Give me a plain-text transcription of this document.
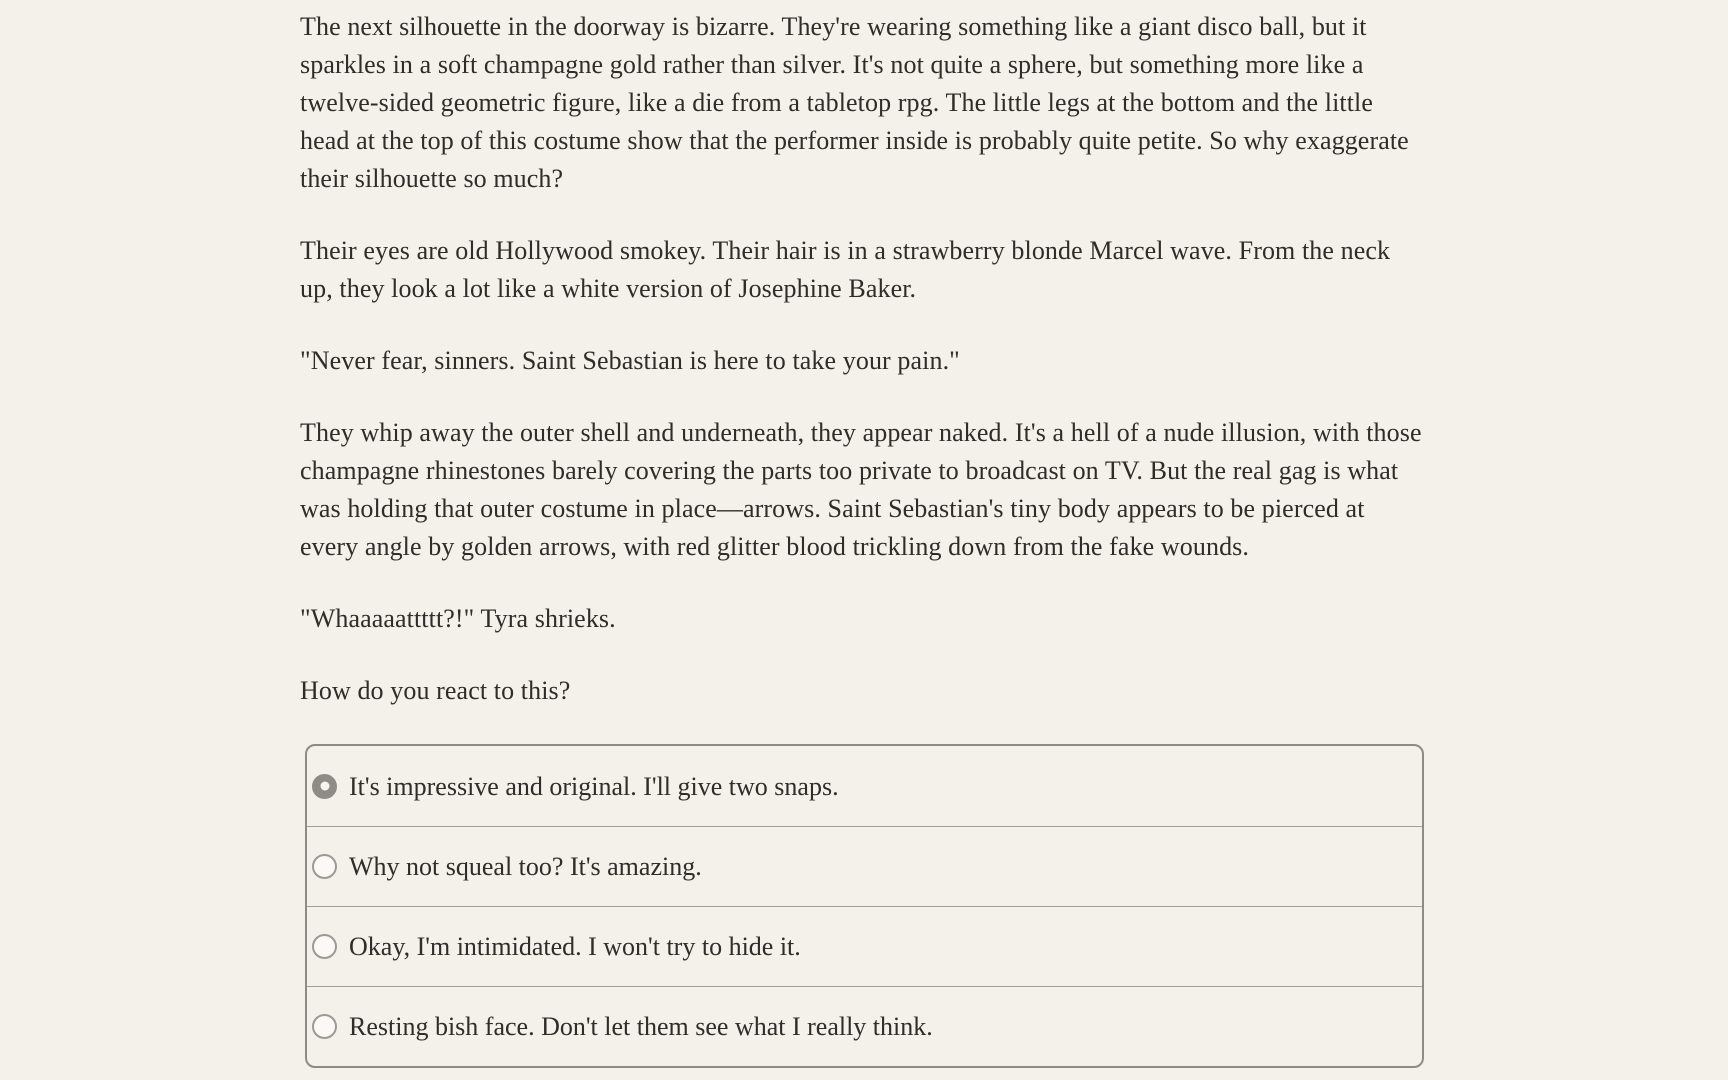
The next silhouette in the doorway is bizarre. They're wearing something like a giant disco ball, but it sparkles in a soft champagne gold rather than silver. It's not quite a sphere, but something more like a twelve-sided geometric figure, like a die from a tabletop rpg. The little legs at the bottom and the little head at the top of this costume show that the performer inside is probably quite petite. So why exaggerate their silhouette so much?

Their eyes are old Hollywood smokey. Their hair is in a strawberry blonde Marcel wave. From the neck up, they look a lot like a white version of Josephine Baker.

"Never fear, sinners. Saint Sebastian is here to take your pain."

They whip away the outer shell and underneath, they appear naked. It's a hell of a nude illusion, with those champagne rhinestones barely covering the parts too private to broadcast on TV. But the real gag is what was holding that outer costume in place—arrows. Saint Sebastian's tiny body appears to be pierced at every angle by golden arrows, with red glitter blood trickling down from the fake wounds.

"Whaaaaattttt?!" Tyra shrieks.

How do you react to this?

It's impressive and original. I'll give two snaps.
Why not squeal too? It's amazing.
Okay, I'm intimidated. I won't try to hide it.
Resting bish face. Don't let them see what I really think.
